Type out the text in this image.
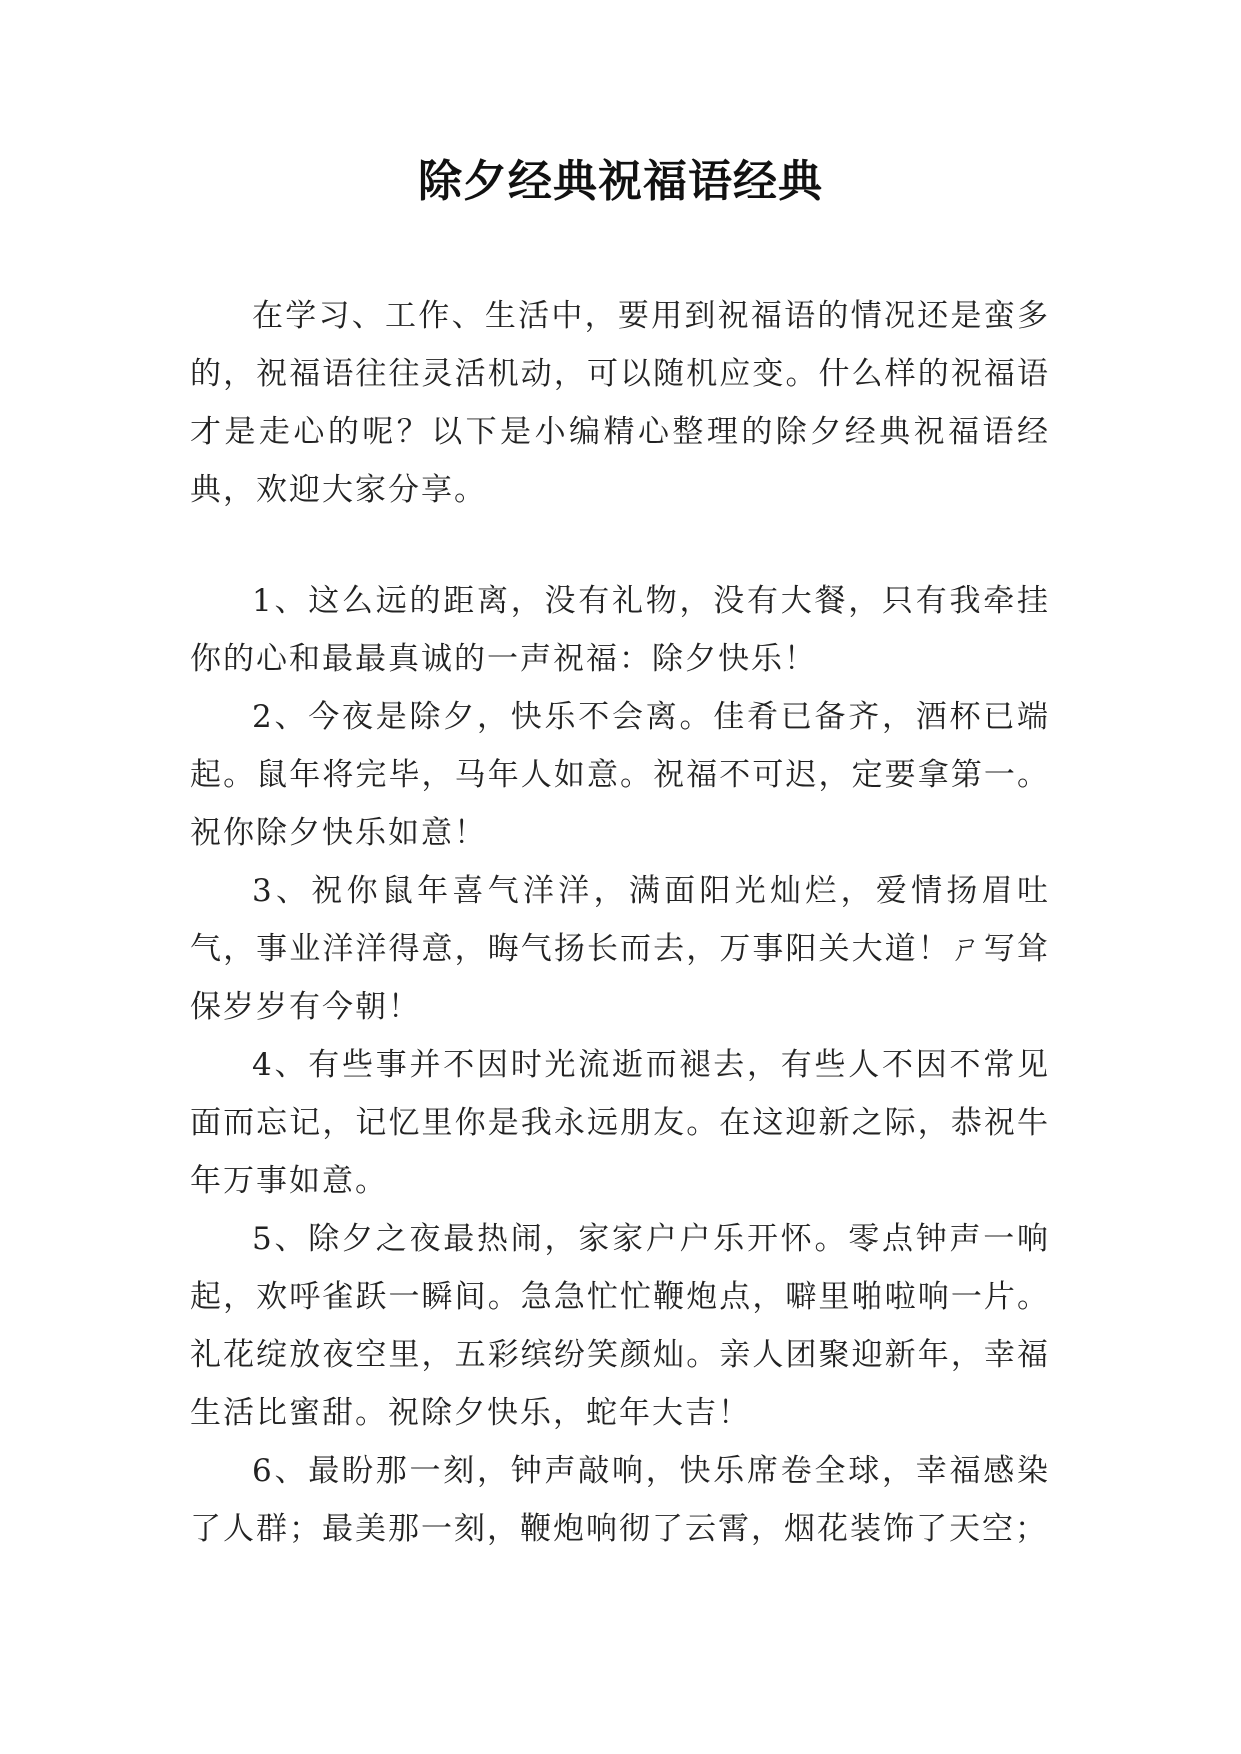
除夕经典祝福语经典

在学习、工作、生活中，要用到祝福语的情况还是蛮多的，祝福语往往灵活机动，可以随机应变。什么样的祝福语才是走心的呢？以下是小编精心整理的除夕经典祝福语经典，欢迎大家分享。

1、这么远的距离，没有礼物，没有大餐，只有我牵挂你的心和最最真诚的一声祝福：除夕快乐！

2、今夜是除夕，快乐不会离。佳肴已备齐，酒杯已端起。鼠年将完毕，马年人如意。祝福不可迟，定要拿第一。祝你除夕快乐如意！

3、祝你鼠年喜气洋洋，满面阳光灿烂，爱情扬眉吐气，事业洋洋得意，晦气扬长而去，万事阳关大道！ㄕ写耸保岁岁有今朝！

4、有些事并不因时光流逝而褪去，有些人不因不常见面而忘记，记忆里你是我永远朋友。在这迎新之际，恭祝牛年万事如意。

5、除夕之夜最热闹，家家户户乐开怀。零点钟声一响起，欢呼雀跃一瞬间。急急忙忙鞭炮点，噼里啪啦响一片。礼花绽放夜空里，五彩缤纷笑颜灿。亲人团聚迎新年，幸福生活比蜜甜。祝除夕快乐，蛇年大吉！

6、最盼那一刻，钟声敲响，快乐席卷全球，幸福感染了人群；最美那一刻，鞭炮响彻了云霄，烟花装饰了天空；
